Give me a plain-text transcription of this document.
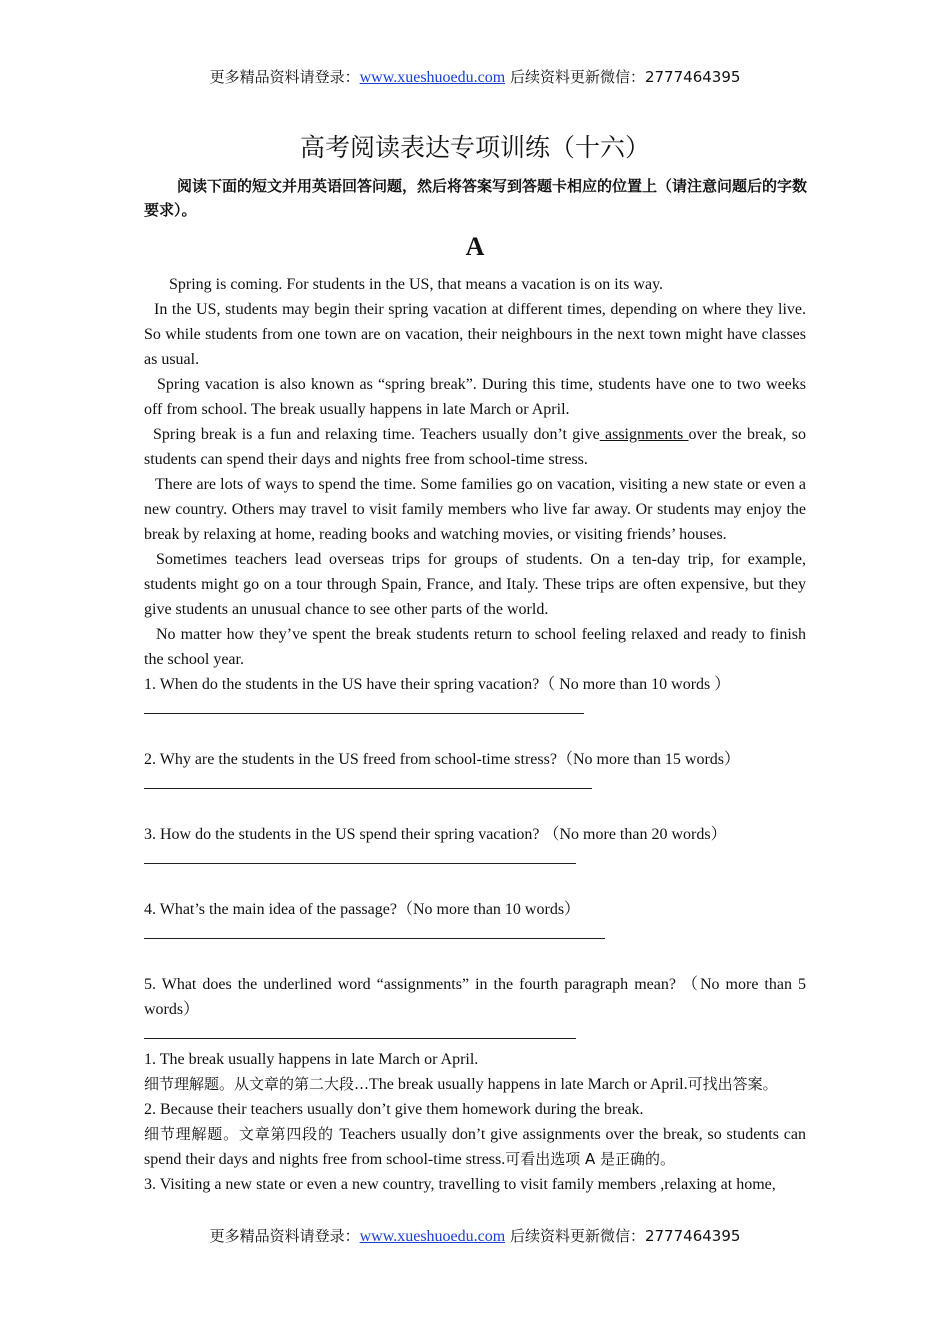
更多精品资料请登录：www.xueshuoedu.com 后续资料更新微信：2777464395
高考阅读表达专项训练（十六）
阅读下面的短文并用英语回答问题，然后将答案写到答题卡相应的位置上（请注意问题后的字数要求）。
A

Spring is coming. For students in the US, that means a vacation is on its way.

In the US, students may begin their spring vacation at different times, depending on where they live. So while students from one town are on vacation, their neighbours in the next town might have classes as usual.

Spring vacation is also known as “spring break”. During this time, students have one to two weeks off from school. The break usually happens in late March or April.

Spring break is a fun and relaxing time. Teachers usually don’t give assignments over the break, so students can spend their days and nights free from school-time stress.

There are lots of ways to spend the time. Some families go on vacation, visiting a new state or even a new country. Others may travel to visit family members who live far away. Or students may enjoy the break by relaxing at home, reading books and watching movies, or visiting friends’ houses.

Sometimes teachers lead overseas trips for groups of students. On a ten-day trip, for example, students might go on a tour through Spain, France, and Italy. These trips are often expensive, but they give students an unusual chance to see other parts of the world.

No matter how they’ve spent the break students return to school feeling relaxed and ready to finish the school year.

1. When do the students in the US have their spring vacation?（ No more than 10 words ）

2. Why are the students in the US freed from school-time stress?（No more than 15 words）

3. How do the students in the US spend their spring vacation? （No more than 20 words）

4. What’s the main idea of the passage?（No more than 10 words）

5. What does the underlined word “assignments” in the fourth paragraph mean? （No more than 5 words）

1. The break usually happens in late March or April.

细节理解题。从文章的第二大段…The break usually happens in late March or April.可找出答案。

2. Because their teachers usually don’t give them homework during the break.

细节理解题。文章第四段的 Teachers usually don’t give assignments over the break, so students can spend their days and nights free from school-time stress.可看出选项 A 是正确的。

3. Visiting a new state or even a new country, travelling to visit family members ,relaxing at home,

更多精品资料请登录：www.xueshuoedu.com 后续资料更新微信：2777464395
